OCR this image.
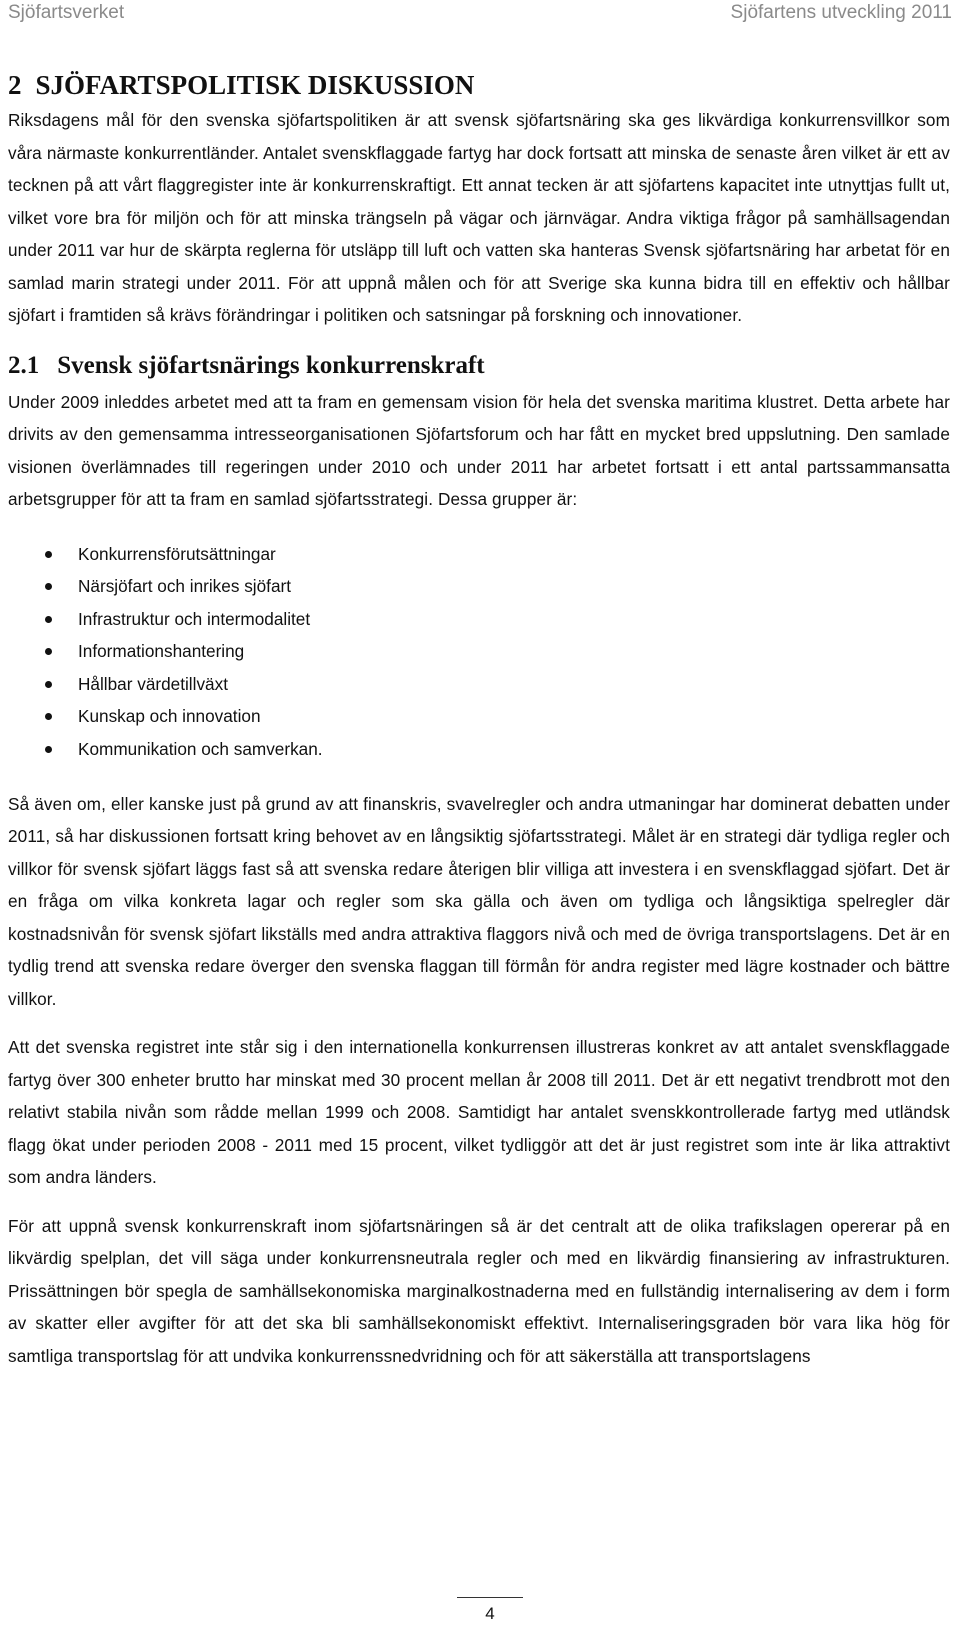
Sjöfartsverket	Sjöfartens utveckling 2011
2 SJÖFARTSPOLITISK DISKUSSION

Riksdagens mål för den svenska sjöfartspolitiken är att svensk sjöfartsnäring ska ges likvärdiga konkurrensvillkor som våra närmaste konkurrentländer. Antalet svenskflaggade fartyg har dock fortsatt att minska de senaste åren vilket är ett av tecknen på att vårt flaggregister inte är konkurrenskraftigt. Ett annat tecken är att sjöfartens kapacitet inte utnyttjas fullt ut, vilket vore bra för miljön och för att minska trängseln på vägar och järnvägar. Andra viktiga frågor på samhällsagendan under 2011 var hur de skärpta reglerna för utsläpp till luft och vatten ska hanteras Svensk sjöfartsnäring har arbetat för en samlad marin strategi under 2011. För att uppnå målen och för att Sverige ska kunna bidra till en effektiv och hållbar sjöfart i framtiden så krävs förändringar i politiken och satsningar på forskning och innovationer.

2.1 Svensk sjöfartsnärings konkurrenskraft

Under 2009 inleddes arbetet med att ta fram en gemensam vision för hela det svenska maritima klustret. Detta arbete har drivits av den gemensamma intresseorganisationen Sjöfartsforum och har fått en mycket bred uppslutning. Den samlade visionen överlämnades till regeringen under 2010 och under 2011 har arbetet fortsatt i ett antal partssammansatta arbetsgrupper för att ta fram en samlad sjöfartsstrategi. Dessa grupper är:

Konkurrensförutsättningar
Närsjöfart och inrikes sjöfart
Infrastruktur och intermodalitet
Informationshantering
Hållbar värdetillväxt
Kunskap och innovation
Kommunikation och samverkan.

Så även om, eller kanske just på grund av att finanskris, svavelregler och andra utmaningar har dominerat debatten under 2011, så har diskussionen fortsatt kring behovet av en långsiktig sjöfartsstrategi. Målet är en strategi där tydliga regler och villkor för svensk sjöfart läggs fast så att svenska redare återigen blir villiga att investera i en svenskflaggad sjöfart. Det är en fråga om vilka konkreta lagar och regler som ska gälla och även om tydliga och långsiktiga spelregler där kostnadsnivån för svensk sjöfart likställs med andra attraktiva flaggors nivå och med de övriga transportslagens. Det är en tydlig trend att svenska redare överger den svenska flaggan till förmån för andra register med lägre kostnader och bättre villkor.

Att det svenska registret inte står sig i den internationella konkurrensen illustreras konkret av att antalet svenskflaggade fartyg över 300 enheter brutto har minskat med 30 procent mellan år 2008 till 2011. Det är ett negativt trendbrott mot den relativt stabila nivån som rådde mellan 1999 och 2008. Samtidigt har antalet svenskkontrollerade fartyg med utländsk flagg ökat under perioden 2008 - 2011 med 15 procent, vilket tydliggör att det är just registret som inte är lika attraktivt som andra länders.

För att uppnå svensk konkurrenskraft inom sjöfartsnäringen så är det centralt att de olika trafikslagen opererar på en likvärdig spelplan, det vill säga under konkurrensneutrala regler och med en likvärdig finansiering av infrastrukturen. Prissättningen bör spegla de samhällsekonomiska marginalkostnaderna med en fullständig internalisering av dem i form av skatter eller avgifter för att det ska bli samhällsekonomiskt effektivt. Internaliseringsgraden bör vara lika hög för samtliga transportslag för att undvika konkurrenssnedvridning och för att säkerställa att transportslagens

4
